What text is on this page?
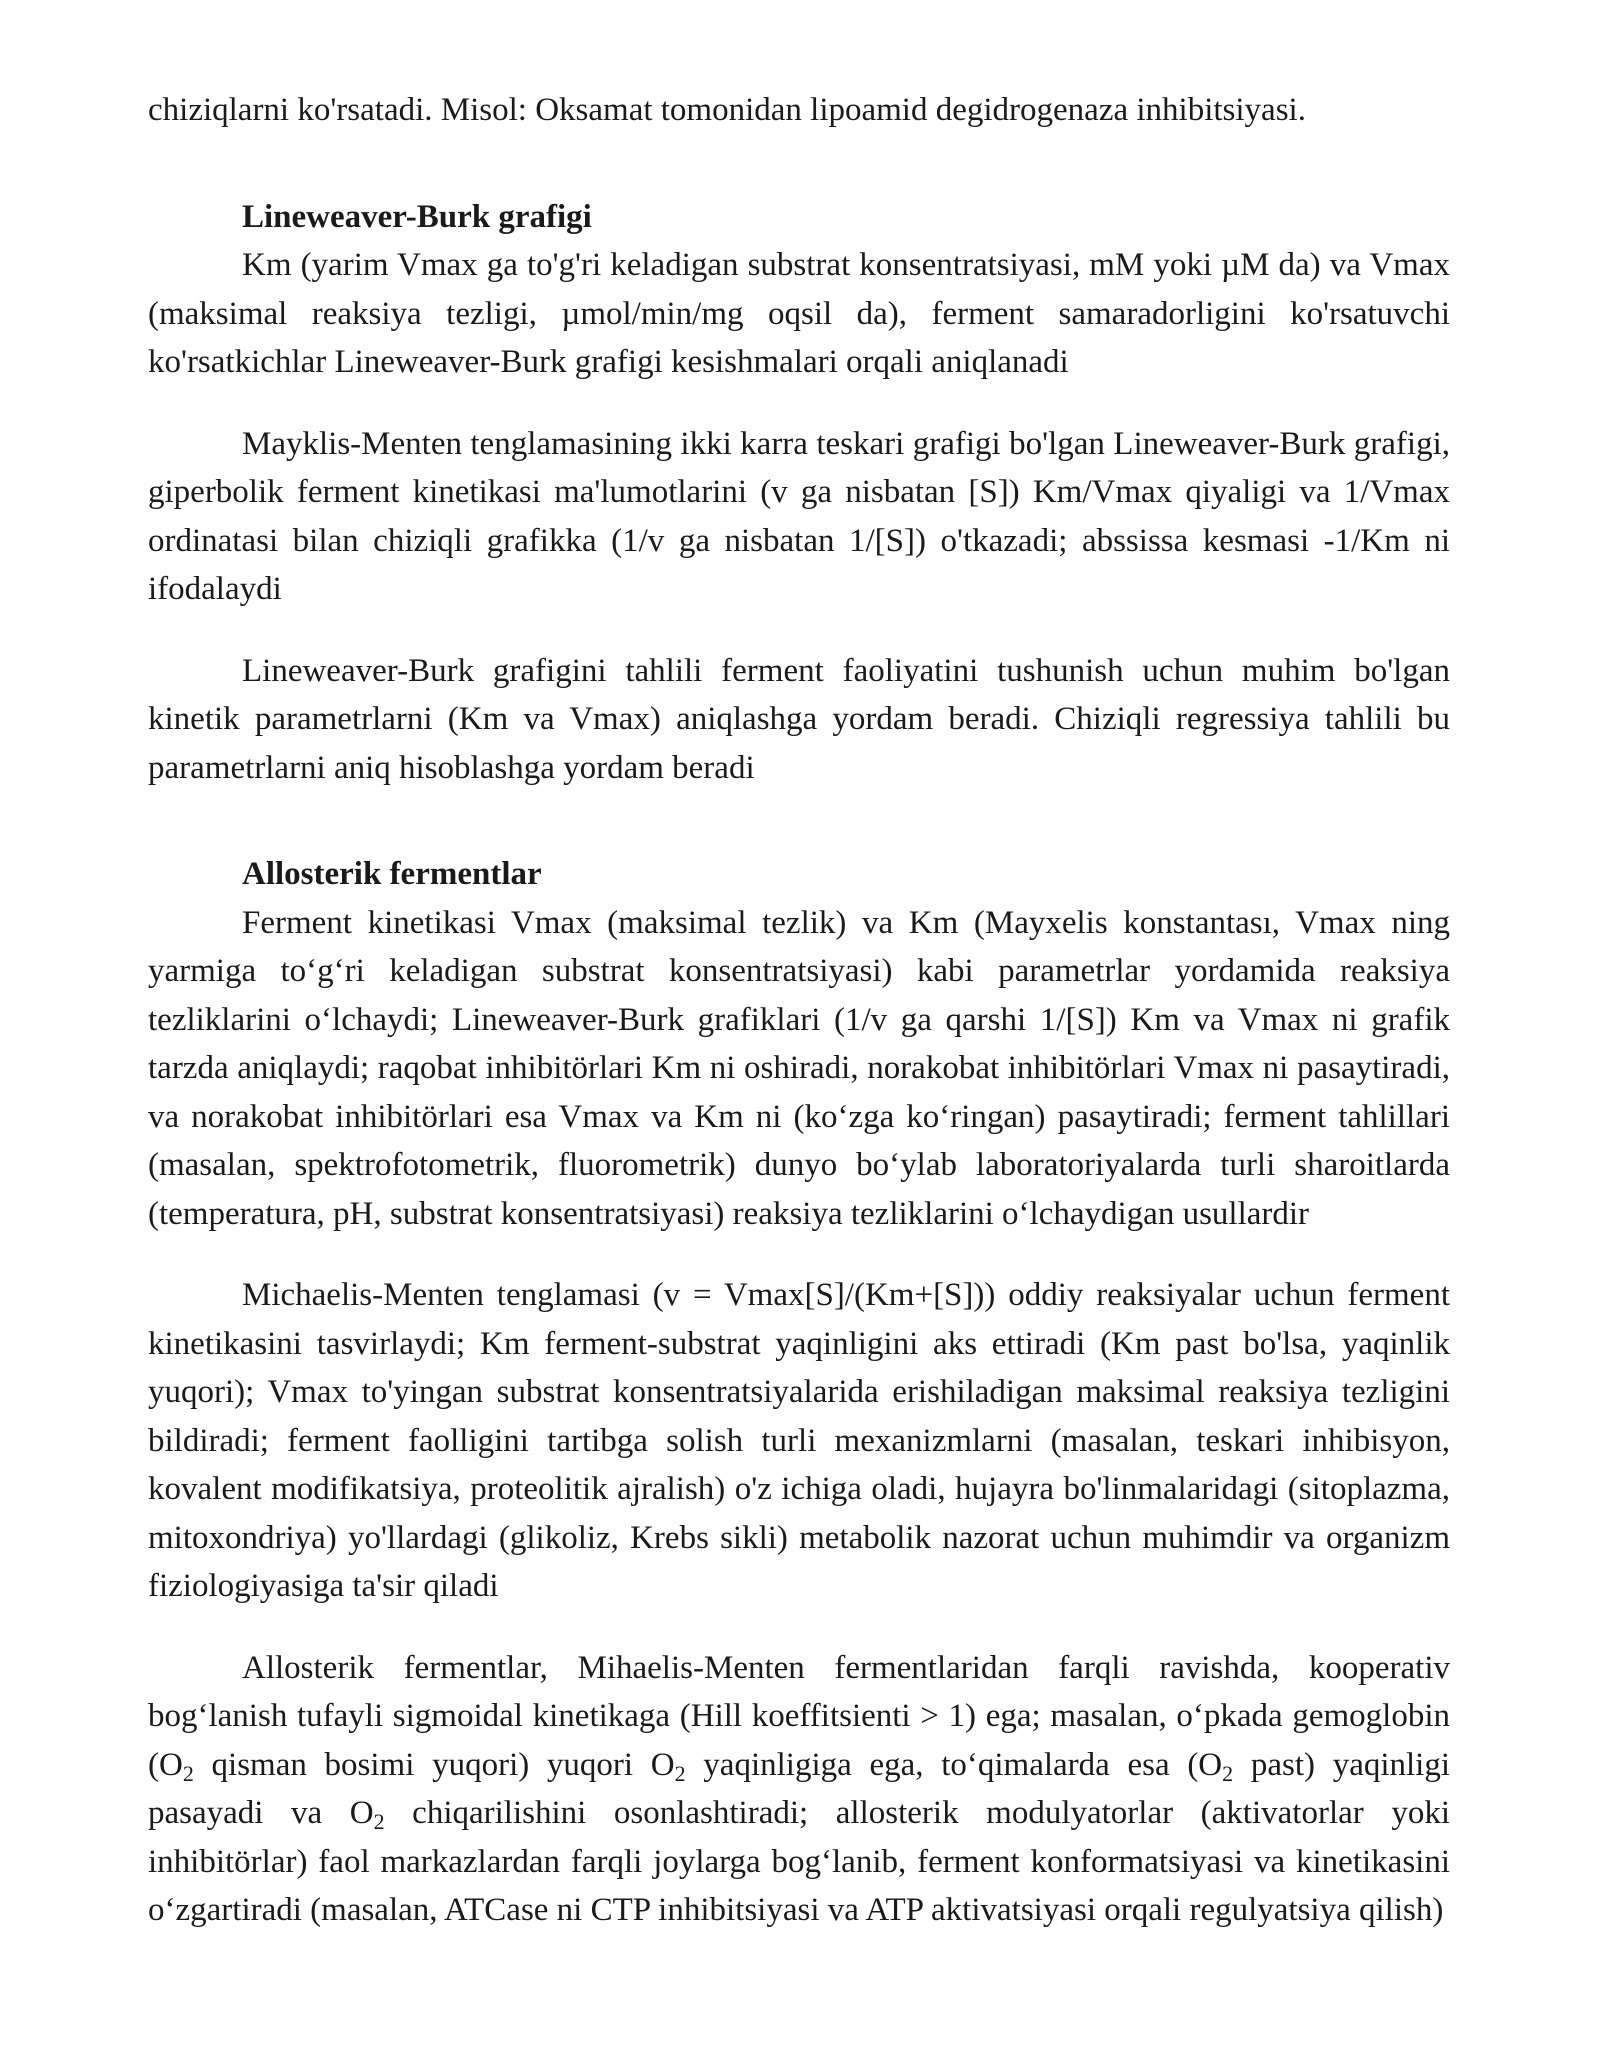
chiziqlarni ko'rsatadi. Misol: Oksamat tomonidan lipoamid degidrogenaza inhibitsiyasi.

Lineweaver-Burk grafigi

Km (yarim Vmax ga to'g'ri keladigan substrat konsentratsiyasi, mM yoki µM da) va Vmax (maksimal reaksiya tezligi, µmol/min/mg oqsil da), ferment samaradorligini ko'rsatuvchi ko'rsatkichlar Lineweaver-Burk grafigi kesishmalari orqali aniqlanadi

Mayklis-Menten tenglamasining ikki karra teskari grafigi bo'lgan Lineweaver-Burk grafigi, giperbolik ferment kinetikasi ma'lumotlarini (v ga nisbatan [S]) Km/Vmax qiyaligi va 1/Vmax ordinatasi bilan chiziqli grafikka (1/v ga nisbatan 1/[S]) o'tkazadi; abssissa kesmasi -1/Km ni ifodalaydi

Lineweaver-Burk grafigini tahlili ferment faoliyatini tushunish uchun muhim bo'lgan kinetik parametrlarni (Km va Vmax) aniqlashga yordam beradi. Chiziqli regressiya tahlili bu parametrlarni aniq hisoblashga yordam beradi

Allosterik fermentlar

Ferment kinetikasi Vmax (maksimal tezlik) va Km (Mayxelis konstantası, Vmax ning yarmiga to‘g‘ri keladigan substrat konsentratsiyasi) kabi parametrlar yordamida reaksiya tezliklarini o‘lchaydi; Lineweaver-Burk grafiklari (1/v ga qarshi 1/[S]) Km va Vmax ni grafik tarzda aniqlaydi; raqobat inhibitörlari Km ni oshiradi, norakobat inhibitörlari Vmax ni pasaytiradi, va norakobat inhibitörlari esa Vmax va Km ni (ko‘zga ko‘ringan) pasaytiradi; ferment tahlillari (masalan, spektrofotometrik, fluorometrik) dunyo bo‘ylab laboratoriyalarda turli sharoitlarda (temperatura, pH, substrat konsentratsiyasi) reaksiya tezliklarini o‘lchaydigan usullardir

Michaelis-Menten tenglamasi (v = Vmax[S]/(Km+[S])) oddiy reaksiyalar uchun ferment kinetikasini tasvirlaydi; Km ferment-substrat yaqinligini aks ettiradi (Km past bo'lsa, yaqinlik yuqori); Vmax to'yingan substrat konsentratsiyalarida erishiladigan maksimal reaksiya tezligini bildiradi; ferment faolligini tartibga solish turli mexanizmlarni (masalan, teskari inhibisyon, kovalent modifikatsiya, proteolitik ajralish) o'z ichiga oladi, hujayra bo'linmalaridagi (sitoplazma, mitoxondriya) yo'llardagi (glikoliz, Krebs sikli) metabolik nazorat uchun muhimdir va organizm fiziologiyasiga ta'sir qiladi

Allosterik fermentlar, Mihaelis-Menten fermentlaridan farqli ravishda, kooperativ bog‘lanish tufayli sigmoidal kinetikaga (Hill koeffitsienti > 1) ega; masalan, o‘pkada gemoglobin ($O_2$ qisman bosimi yuqori) yuqori $O_2$ yaqinligiga ega, to‘qimalarda esa ($O_2$ past) yaqinligi pasayadi va $O_2$ chiqarilishini osonlashtiradi; allosterik modulyatorlar (aktivatorlar yoki inhibitörlar) faol markazlardan farqli joylarga bog‘lanib, ferment konformatsiyasi va kinetikasini o‘zgartiradi (masalan, ATCase ni CTP inhibitsiyasi va ATP aktivatsiyasi orqali regulyatsiya qilish)
